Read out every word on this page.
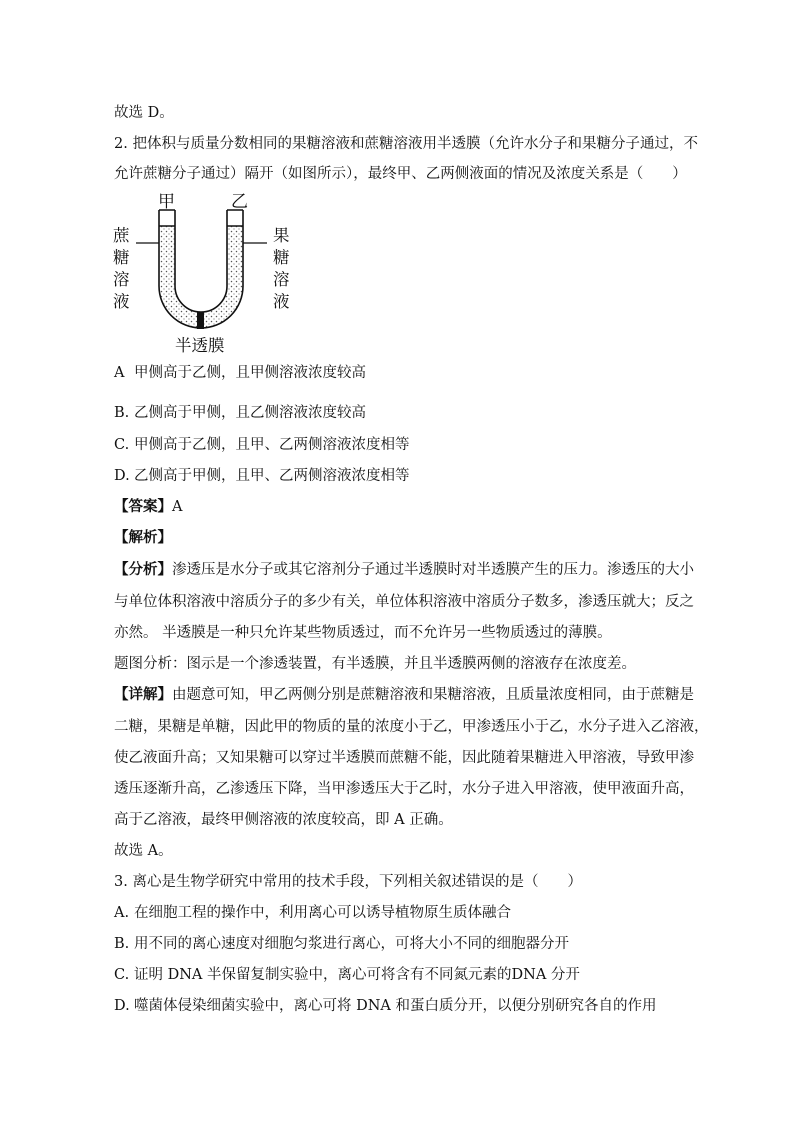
故选 D。
2. 把体积与质量分数相同的果糖溶液和蔗糖溶液用半透膜（允许水分子和果糖分子通过，不
允许蔗糖分子通过）隔开（如图所示），最终甲、乙两侧液面的情况及浓度关系是（　　）
甲	乙
蔗
糖
溶
液
果
糖
溶
液
半透膜
A 甲侧高于乙侧，且甲侧溶液浓度较高
B. 乙侧高于甲侧，且乙侧溶液浓度较高
C. 甲侧高于乙侧，且甲、乙两侧溶液浓度相等
D. 乙侧高于甲侧，且甲、乙两侧溶液浓度相等
【答案】A
【解析】
【分析】渗透压是水分子或其它溶剂分子通过半透膜时对半透膜产生的压力。渗透压的大小
与单位体积溶液中溶质分子的多少有关，单位体积溶液中溶质分子数多，渗透压就大；反之
亦然。 半透膜是一种只允许某些物质透过，而不允许另一些物质透过的薄膜。
题图分析：图示是一个渗透装置，有半透膜，并且半透膜两侧的溶液存在浓度差。
【详解】由题意可知，甲乙两侧分别是蔗糖溶液和果糖溶液，且质量浓度相同，由于蔗糖是
二糖，果糖是单糖，因此甲的物质的量的浓度小于乙，甲渗透压小于乙，水分子进入乙溶液，
使乙液面升高；又知果糖可以穿过半透膜而蔗糖不能，因此随着果糖进入甲溶液，导致甲渗
透压逐渐升高，乙渗透压下降，当甲渗透压大于乙时，水分子进入甲溶液，使甲液面升高，
高于乙溶液，最终甲侧溶液的浓度较高，即 A 正确。
故选 A。
3. 离心是生物学研究中常用的技术手段，下列相关叙述错误的是（　　）
A. 在细胞工程的操作中，利用离心可以诱导植物原生质体融合
B. 用不同的离心速度对细胞匀浆进行离心，可将大小不同的细胞器分开
C. 证明 DNA 半保留复制实验中，离心可将含有不同氮元素的DNA 分开
D. 噬菌体侵染细菌实验中，离心可将 DNA 和蛋白质分开，以便分别研究各自的作用
